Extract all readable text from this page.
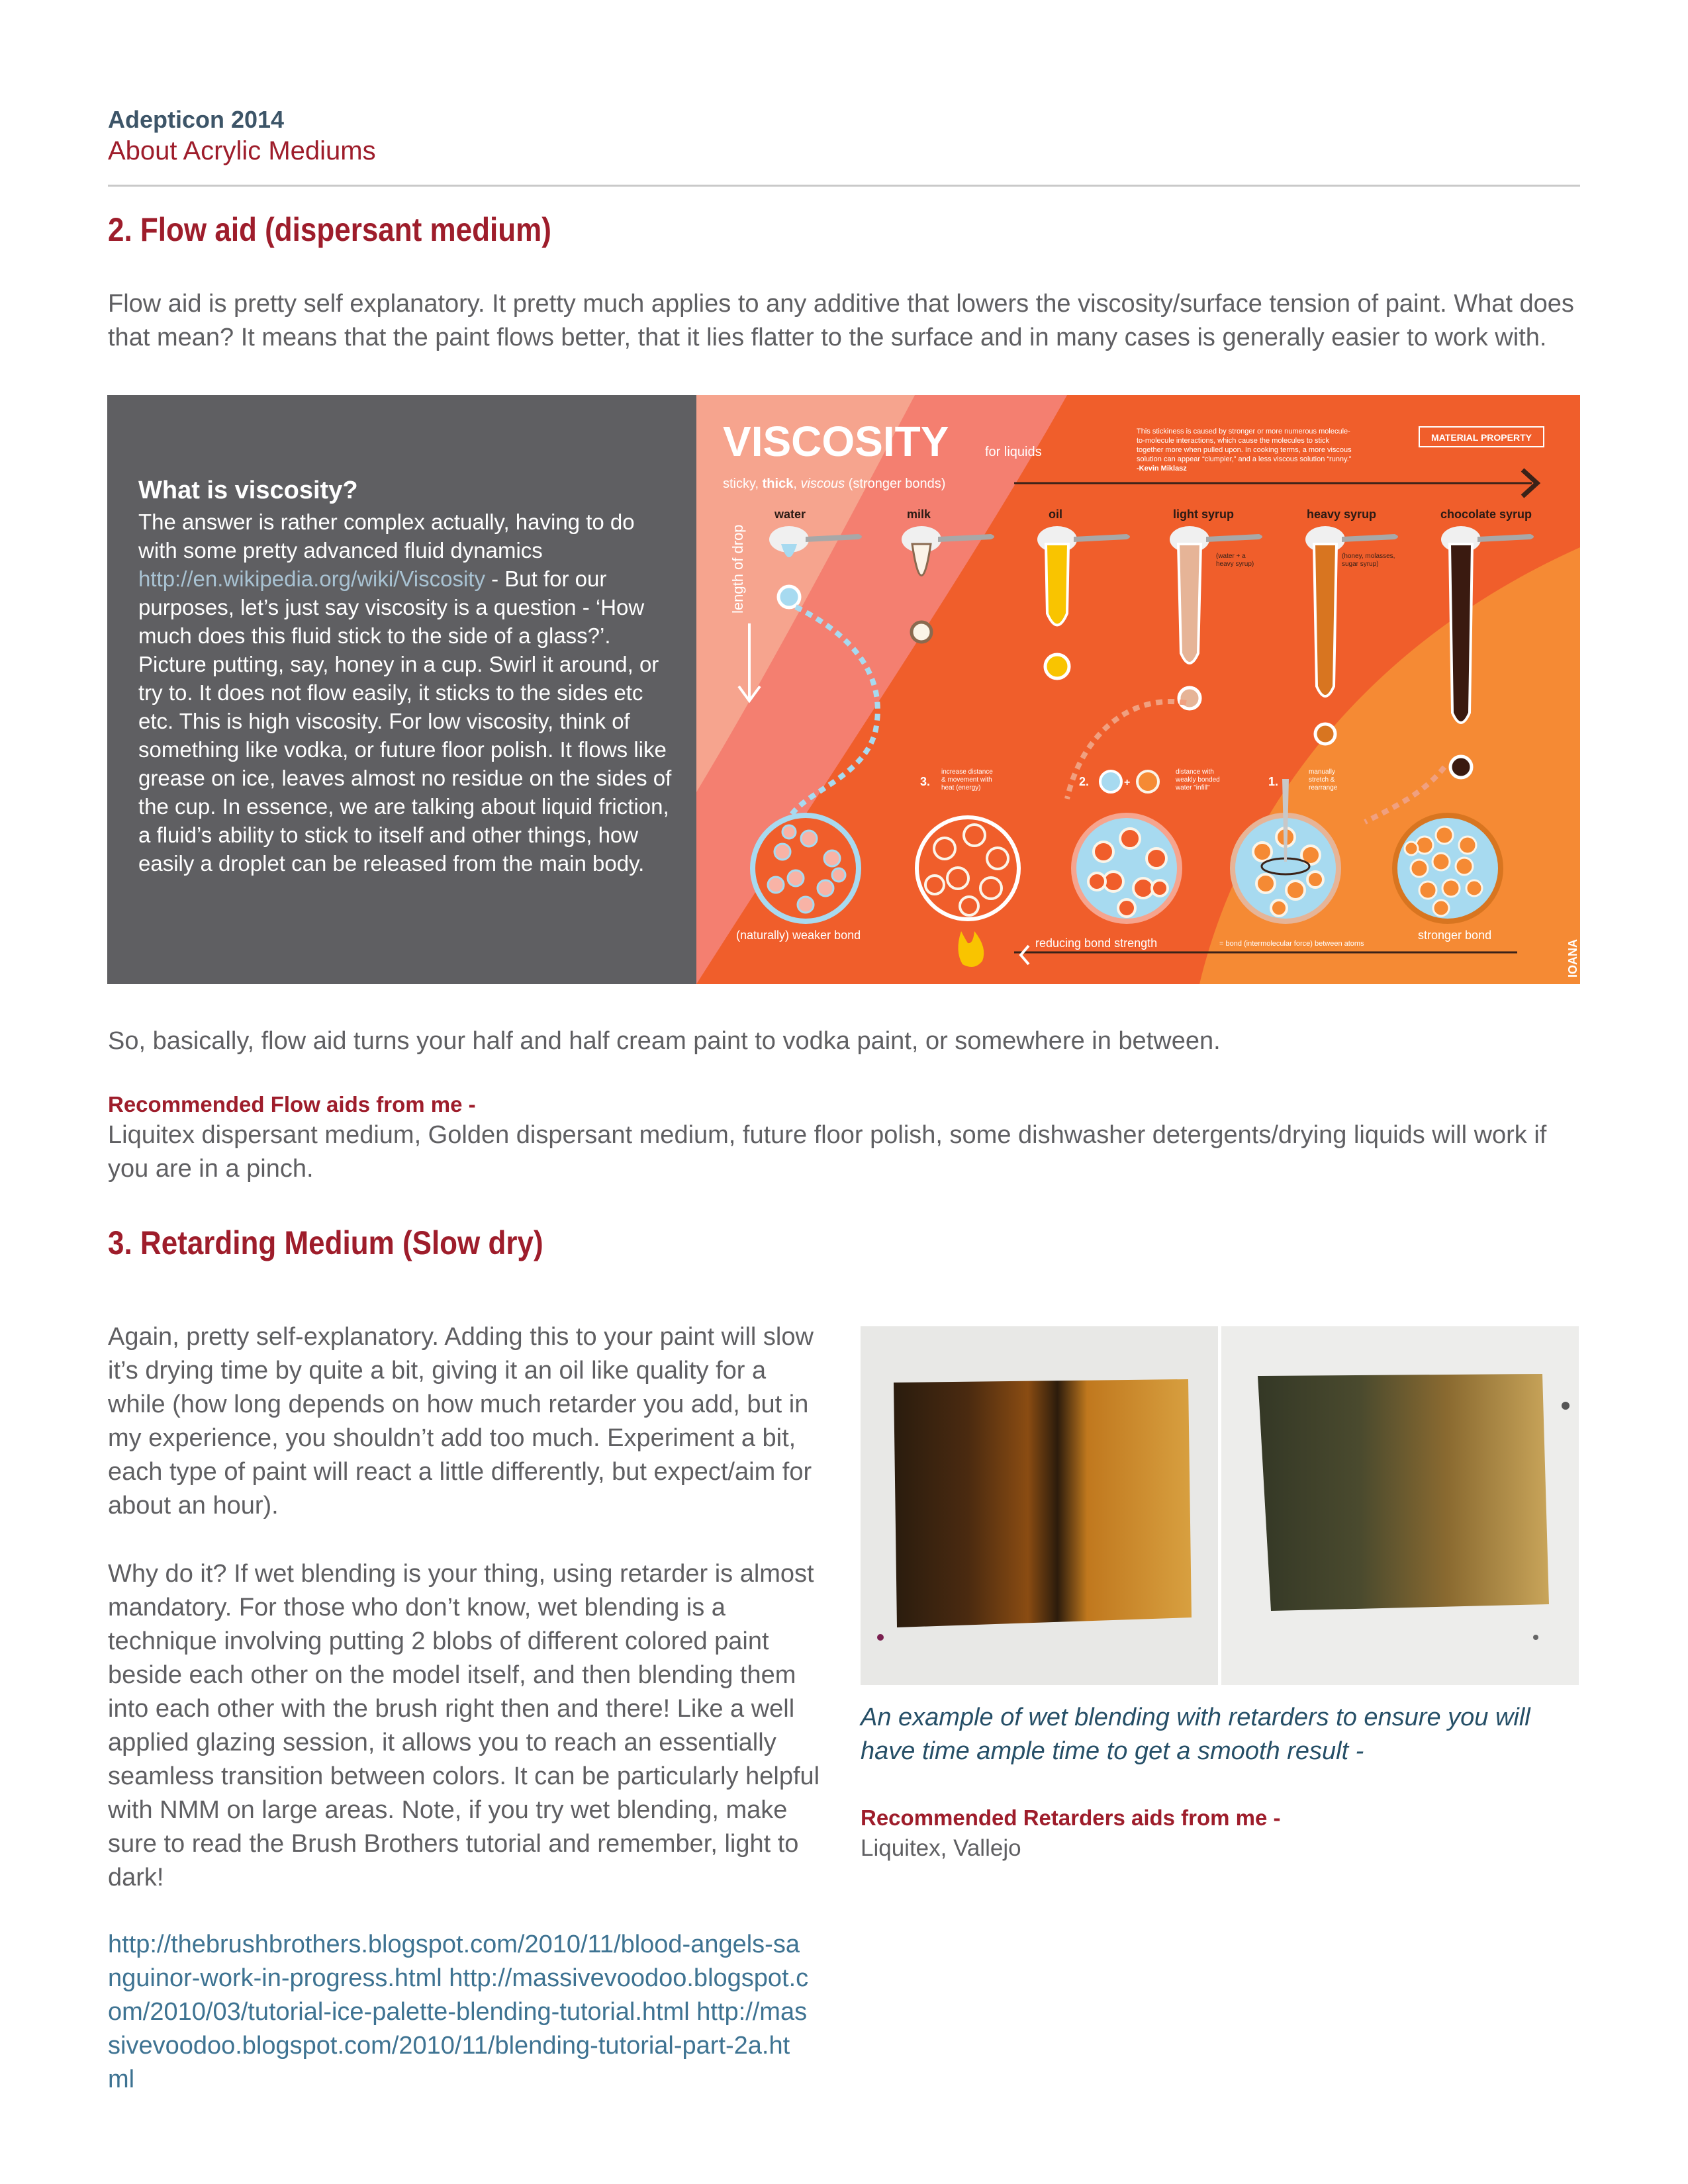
Adepticon 2014
About Acrylic Mediums
2. Flow aid (dispersant medium)
Flow aid is pretty self explanatory. It pretty much applies to any additive that lowers the viscosity/surface tension of paint. What does that mean? It means that the paint flows better, that it lies flatter to the surface and in many cases is generally easier to work with.
What is viscosity?
The answer is rather complex actually, having to do with some pretty advanced fluid dynamics http://en.wikipedia.org/wiki/Viscosity - But for our purposes, let’s just say viscosity is a question - ‘How much does this fluid stick to the side of a glass?’. Picture putting, say, honey in a cup. Swirl it around, or try to. It does not flow easily, it sticks to the sides etc etc. This is high viscosity. For low viscosity, think of something like vodka, or future floor polish. It flows like grease on ice, leaves almost no residue on the sides of the cup. In essence, we are talking about liquid friction, a fluid’s ability to stick to itself and other things, how easily a droplet can be released from the main body.
VISCOSITY	for liquids
sticky, thick, viscous (stronger bonds)
This stickiness is caused by stronger or more numerous molecule-
to-molecule interactions, which cause the molecules to stick
together more when pulled upon. In cooking terms, a more viscous
solution can appear “clumpier,” and a less viscous solution “runny.”
-Kevin Miklasz
MATERIAL PROPERTY
length of drop
water	milk	oil	light syrup	heavy syrup	chocolate syrup
(water + a
heavy syrup)
(honey, molasses,
sugar syrup)
3.
increase distance
& movement with
heat (energy)	2.	+
distance with
weakly bonded
water "infill"	1.
manually
stretch &
rearrange
(naturally) weaker bond
reducing bond strength
stronger bond
= bond (intermolecular force) between atoms	IOANA
So, basically, flow aid turns your half and half cream paint to vodka paint, or somewhere in between.
Recommended Flow aids from me -
Liquitex dispersant medium, Golden dispersant medium, future floor polish, some dishwasher detergents/drying liquids will work if you are in a pinch.
3. Retarding Medium (Slow dry)
Again, pretty self-explanatory. Adding this to your paint will slow it’s drying time by quite a bit, giving it an oil like quality for a while (how long depends on how much retarder you add, but in my experience, you shouldn’t add too much. Experiment a bit, each type of paint will react a little differently, but expect/aim for about an hour).
Why do it? If wet blending is your thing, using retarder is almost mandatory. For those who don’t know, wet blending is a technique involving putting 2 blobs of different colored paint beside each other on the model itself, and then blending them into each other with the brush right then and there! Like a well applied glazing session, it allows you to reach an essentially seamless transition between colors. It can be particularly helpful with NMM on large areas. Note, if you try wet blending, make sure to read the Brush Brothers tutorial and remember, light to dark!
http://thebrushbrothers.blogspot.com/2010/11/blood-angels-sanguinor-work-in-progress.html http://massivevoodoo.blogspot.com/2010/03/tutorial-ice-palette-blending-tutorial.html http://massivevoodoo.blogspot.com/2010/11/blending-tutorial-part-2a.html
An example of wet blending with retarders to ensure you will have time ample time to get a smooth result -
Recommended Retarders aids from me -
Liquitex, Vallejo
